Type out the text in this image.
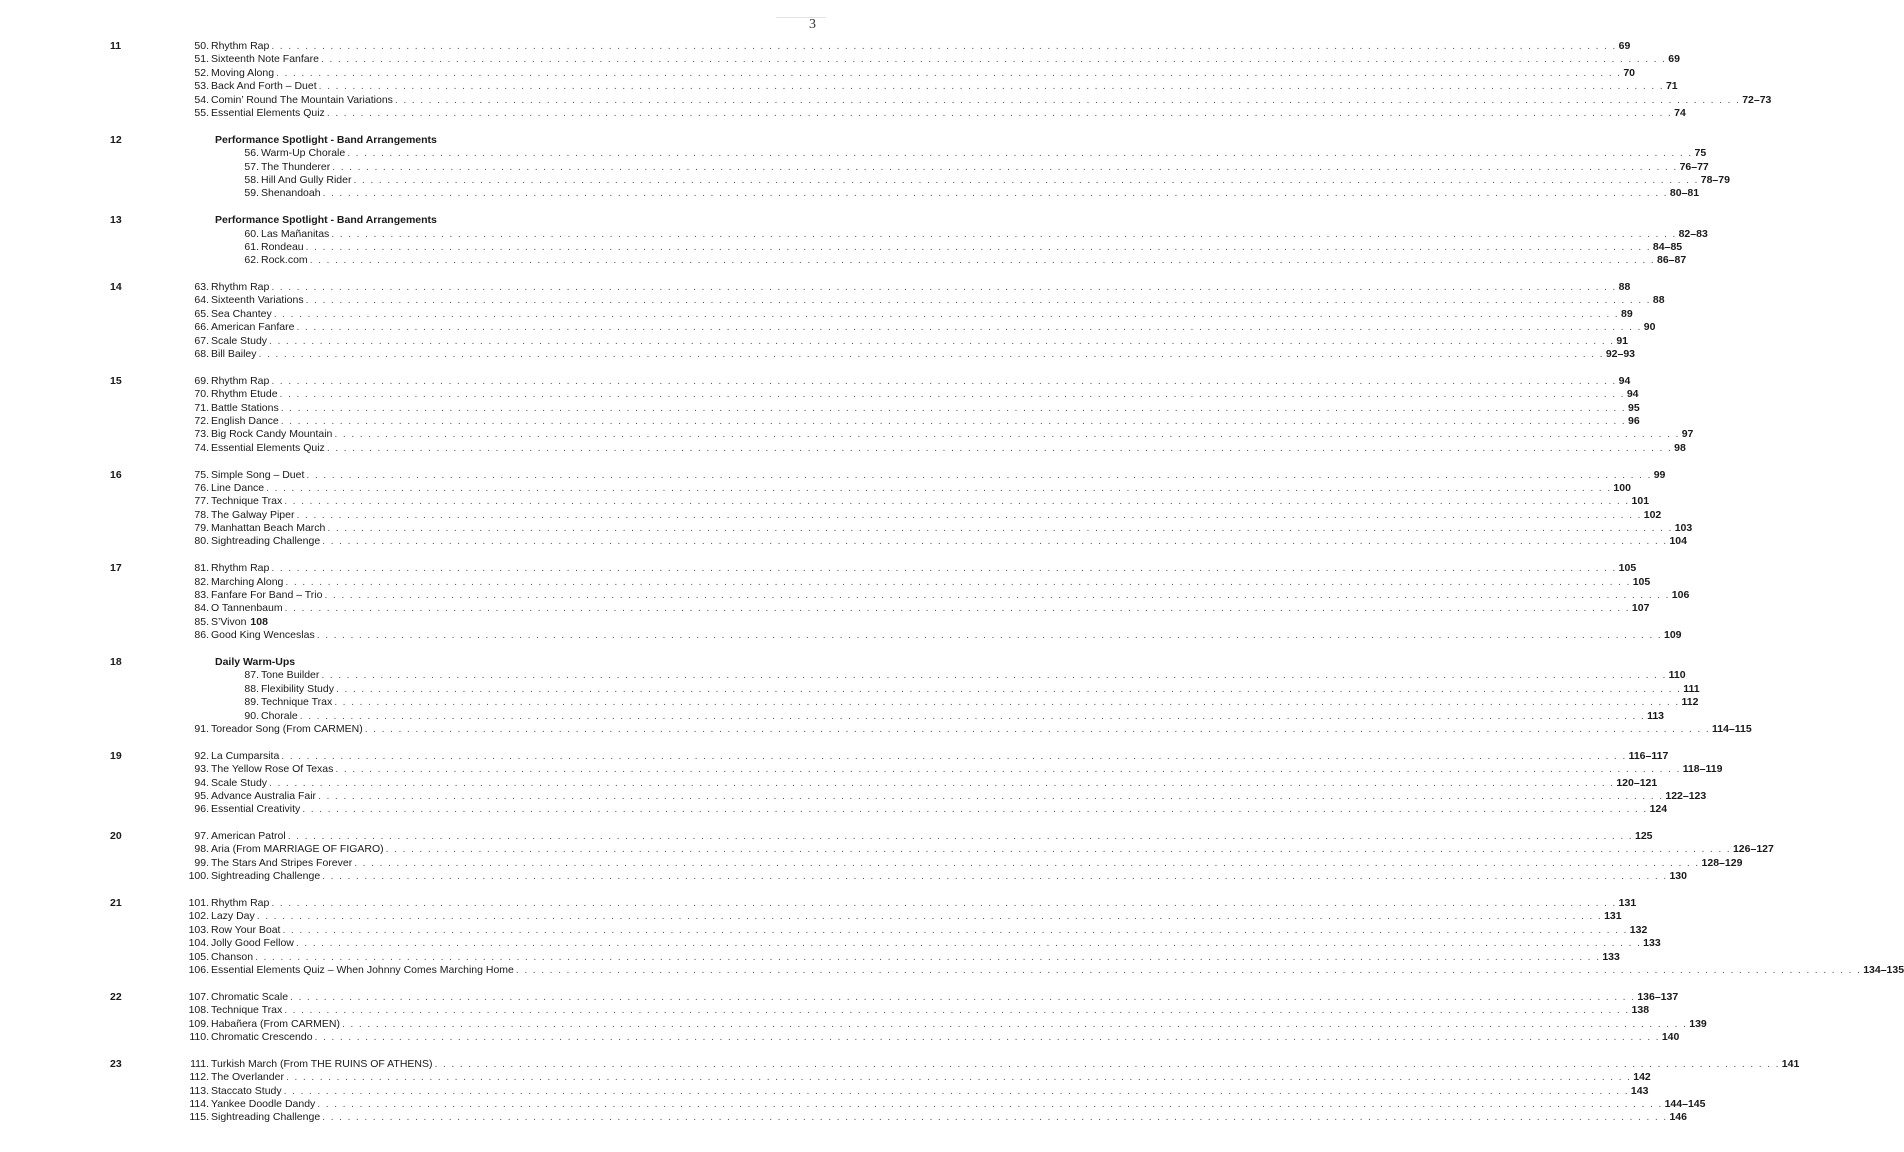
3
11	50. Rhythm Rap . . . . . . . . . . . . . . . . . . . . . . . . . . . . . . . . . . . . . . . . . . . . . . . . . . . . . . . . . . . . . . . . . . . . . . . . . . . . . . . . . . . . . . . . . . . . . . . . . . . . . . . . . . . . . . . . . . . . . . . . . . . . . . . . . . . . . . . . . . . . . . . . . . . . . . . . . . . . . . . . 69
51. Sixteenth Note Fanfare . . . . . . . . . . . . . . . . . . . . . . . . . . . . . . . . . . . . . . . . . . . . . . . . . . . . . . . . . . . . . . . . . . . . . . . . . . . . . . . . . . . . . . . . . . . . . . . . . . . . . . . . . . . . . . . . . . . . . . . . . . . . . . . . . . . . . . . . . . . . . . . . . . . . . . . . . . . . . . . . 69
52. Moving Along . . . . . . . . . . . . . . . . . . . . . . . . . . . . . . . . . . . . . . . . . . . . . . . . . . . . . . . . . . . . . . . . . . . . . . . . . . . . . . . . . . . . . . . . . . . . . . . . . . . . . . . . . . . . . . . . . . . . . . . . . . . . . . . . . . . . . . . . . . . . . . . . . . . . . . . . . . . . . . . . 70
53. Back And Forth – Duet . . . . . . . . . . . . . . . . . . . . . . . . . . . . . . . . . . . . . . . . . . . . . . . . . . . . . . . . . . . . . . . . . . . . . . . . . . . . . . . . . . . . . . . . . . . . . . . . . . . . . . . . . . . . . . . . . . . . . . . . . . . . . . . . . . . . . . . . . . . . . . . . . . . . . . . . . . . . . . . . 71
54. Comin’ Round The Mountain Variations . . . . . . . . . . . . . . . . . . . . . . . . . . . . . . . . . . . . . . . . . . . . . . . . . . . . . . . . . . . . . . . . . . . . . . . . . . . . . . . . . . . . . . . . . . . . . . . . . . . . . . . . . . . . . . . . . . . . . . . . . . . . . . . . . . . . . . . . . . . . . . . . . . . . . . . . . . . . . . . . 72–73
55. Essential Elements Quiz . . . . . . . . . . . . . . . . . . . . . . . . . . . . . . . . . . . . . . . . . . . . . . . . . . . . . . . . . . . . . . . . . . . . . . . . . . . . . . . . . . . . . . . . . . . . . . . . . . . . . . . . . . . . . . . . . . . . . . . . . . . . . . . . . . . . . . . . . . . . . . . . . . . . . . . . . . . . . . . . 74
12	Performance Spotlight - Band Arrangements
56. Warm-Up Chorale . . . . . . . . . . . . . . . . . . . . . . . . . . . . . . . . . . . . . . . . . . . . . . . . . . . . . . . . . . . . . . . . . . . . . . . . . . . . . . . . . . . . . . . . . . . . . . . . . . . . . . . . . . . . . . . . . . . . . . . . . . . . . . . . . . . . . . . . . . . . . . . . . . . . . . . . . . . . . . . . 75
57. The Thunderer . . . . . . . . . . . . . . . . . . . . . . . . . . . . . . . . . . . . . . . . . . . . . . . . . . . . . . . . . . . . . . . . . . . . . . . . . . . . . . . . . . . . . . . . . . . . . . . . . . . . . . . . . . . . . . . . . . . . . . . . . . . . . . . . . . . . . . . . . . . . . . . . . . . . . . . . . . . . . . . . 76–77
58. Hill And Gully Rider . . . . . . . . . . . . . . . . . . . . . . . . . . . . . . . . . . . . . . . . . . . . . . . . . . . . . . . . . . . . . . . . . . . . . . . . . . . . . . . . . . . . . . . . . . . . . . . . . . . . . . . . . . . . . . . . . . . . . . . . . . . . . . . . . . . . . . . . . . . . . . . . . . . . . . . . . . . . . . . . 78–79
59. Shenandoah . . . . . . . . . . . . . . . . . . . . . . . . . . . . . . . . . . . . . . . . . . . . . . . . . . . . . . . . . . . . . . . . . . . . . . . . . . . . . . . . . . . . . . . . . . . . . . . . . . . . . . . . . . . . . . . . . . . . . . . . . . . . . . . . . . . . . . . . . . . . . . . . . . . . . . . . . . . . . . . . 80–81
13	Performance Spotlight - Band Arrangements
60. Las Mañanitas . . . . . . . . . . . . . . . . . . . . . . . . . . . . . . . . . . . . . . . . . . . . . . . . . . . . . . . . . . . . . . . . . . . . . . . . . . . . . . . . . . . . . . . . . . . . . . . . . . . . . . . . . . . . . . . . . . . . . . . . . . . . . . . . . . . . . . . . . . . . . . . . . . . . . . . . . . . . . . . . 82–83
61. Rondeau . . . . . . . . . . . . . . . . . . . . . . . . . . . . . . . . . . . . . . . . . . . . . . . . . . . . . . . . . . . . . . . . . . . . . . . . . . . . . . . . . . . . . . . . . . . . . . . . . . . . . . . . . . . . . . . . . . . . . . . . . . . . . . . . . . . . . . . . . . . . . . . . . . . . . . . . . . . . . . . . 84–85
62. Rock.com . . . . . . . . . . . . . . . . . . . . . . . . . . . . . . . . . . . . . . . . . . . . . . . . . . . . . . . . . . . . . . . . . . . . . . . . . . . . . . . . . . . . . . . . . . . . . . . . . . . . . . . . . . . . . . . . . . . . . . . . . . . . . . . . . . . . . . . . . . . . . . . . . . . . . . . . . . . . . . . . 86–87
14	63. Rhythm Rap . . . . . . . . . . . . . . . . . . . . . . . . . . . . . . . . . . . . . . . . . . . . . . . . . . . . . . . . . . . . . . . . . . . . . . . . . . . . . . . . . . . . . . . . . . . . . . . . . . . . . . . . . . . . . . . . . . . . . . . . . . . . . . . . . . . . . . . . . . . . . . . . . . . . . . . . . . . . . . . . 88
64. Sixteenth Variations . . . . . . . . . . . . . . . . . . . . . . . . . . . . . . . . . . . . . . . . . . . . . . . . . . . . . . . . . . . . . . . . . . . . . . . . . . . . . . . . . . . . . . . . . . . . . . . . . . . . . . . . . . . . . . . . . . . . . . . . . . . . . . . . . . . . . . . . . . . . . . . . . . . . . . . . . . . . . . . . 88
65. Sea Chantey . . . . . . . . . . . . . . . . . . . . . . . . . . . . . . . . . . . . . . . . . . . . . . . . . . . . . . . . . . . . . . . . . . . . . . . . . . . . . . . . . . . . . . . . . . . . . . . . . . . . . . . . . . . . . . . . . . . . . . . . . . . . . . . . . . . . . . . . . . . . . . . . . . . . . . . . . . . . . . . . 89
66. American Fanfare . . . . . . . . . . . . . . . . . . . . . . . . . . . . . . . . . . . . . . . . . . . . . . . . . . . . . . . . . . . . . . . . . . . . . . . . . . . . . . . . . . . . . . . . . . . . . . . . . . . . . . . . . . . . . . . . . . . . . . . . . . . . . . . . . . . . . . . . . . . . . . . . . . . . . . . . . . . . . . . . 90
67. Scale Study . . . . . . . . . . . . . . . . . . . . . . . . . . . . . . . . . . . . . . . . . . . . . . . . . . . . . . . . . . . . . . . . . . . . . . . . . . . . . . . . . . . . . . . . . . . . . . . . . . . . . . . . . . . . . . . . . . . . . . . . . . . . . . . . . . . . . . . . . . . . . . . . . . . . . . . . . . . . . . . . 91
68. Bill Bailey . . . . . . . . . . . . . . . . . . . . . . . . . . . . . . . . . . . . . . . . . . . . . . . . . . . . . . . . . . . . . . . . . . . . . . . . . . . . . . . . . . . . . . . . . . . . . . . . . . . . . . . . . . . . . . . . . . . . . . . . . . . . . . . . . . . . . . . . . . . . . . . . . . . . . . . . . . . . . . . . 92–93
15	69. Rhythm Rap . . . . . . . . . . . . . . . . . . . . . . . . . . . . . . . . . . . . . . . . . . . . . . . . . . . . . . . . . . . . . . . . . . . . . . . . . . . . . . . . . . . . . . . . . . . . . . . . . . . . . . . . . . . . . . . . . . . . . . . . . . . . . . . . . . . . . . . . . . . . . . . . . . . . . . . . . . . . . . . . 94
70. Rhythm Etude . . . . . . . . . . . . . . . . . . . . . . . . . . . . . . . . . . . . . . . . . . . . . . . . . . . . . . . . . . . . . . . . . . . . . . . . . . . . . . . . . . . . . . . . . . . . . . . . . . . . . . . . . . . . . . . . . . . . . . . . . . . . . . . . . . . . . . . . . . . . . . . . . . . . . . . . . . . . . . . . 94
71. Battle Stations . . . . . . . . . . . . . . . . . . . . . . . . . . . . . . . . . . . . . . . . . . . . . . . . . . . . . . . . . . . . . . . . . . . . . . . . . . . . . . . . . . . . . . . . . . . . . . . . . . . . . . . . . . . . . . . . . . . . . . . . . . . . . . . . . . . . . . . . . . . . . . . . . . . . . . . . . . . . . . . . 95
72. English Dance . . . . . . . . . . . . . . . . . . . . . . . . . . . . . . . . . . . . . . . . . . . . . . . . . . . . . . . . . . . . . . . . . . . . . . . . . . . . . . . . . . . . . . . . . . . . . . . . . . . . . . . . . . . . . . . . . . . . . . . . . . . . . . . . . . . . . . . . . . . . . . . . . . . . . . . . . . . . . . . . 96
73. Big Rock Candy Mountain . . . . . . . . . . . . . . . . . . . . . . . . . . . . . . . . . . . . . . . . . . . . . . . . . . . . . . . . . . . . . . . . . . . . . . . . . . . . . . . . . . . . . . . . . . . . . . . . . . . . . . . . . . . . . . . . . . . . . . . . . . . . . . . . . . . . . . . . . . . . . . . . . . . . . . . . . . . . . . . . 97
74. Essential Elements Quiz . . . . . . . . . . . . . . . . . . . . . . . . . . . . . . . . . . . . . . . . . . . . . . . . . . . . . . . . . . . . . . . . . . . . . . . . . . . . . . . . . . . . . . . . . . . . . . . . . . . . . . . . . . . . . . . . . . . . . . . . . . . . . . . . . . . . . . . . . . . . . . . . . . . . . . . . . . . . . . . . 98
16	75. Simple Song – Duet . . . . . . . . . . . . . . . . . . . . . . . . . . . . . . . . . . . . . . . . . . . . . . . . . . . . . . . . . . . . . . . . . . . . . . . . . . . . . . . . . . . . . . . . . . . . . . . . . . . . . . . . . . . . . . . . . . . . . . . . . . . . . . . . . . . . . . . . . . . . . . . . . . . . . . . . . . . . . . . . 99
76. Line Dance . . . . . . . . . . . . . . . . . . . . . . . . . . . . . . . . . . . . . . . . . . . . . . . . . . . . . . . . . . . . . . . . . . . . . . . . . . . . . . . . . . . . . . . . . . . . . . . . . . . . . . . . . . . . . . . . . . . . . . . . . . . . . . . . . . . . . . . . . . . . . . . . . . . . . . . . . . . . . . . . 100
77. Technique Trax . . . . . . . . . . . . . . . . . . . . . . . . . . . . . . . . . . . . . . . . . . . . . . . . . . . . . . . . . . . . . . . . . . . . . . . . . . . . . . . . . . . . . . . . . . . . . . . . . . . . . . . . . . . . . . . . . . . . . . . . . . . . . . . . . . . . . . . . . . . . . . . . . . . . . . . . . . . . . . . . 101
78. The Galway Piper . . . . . . . . . . . . . . . . . . . . . . . . . . . . . . . . . . . . . . . . . . . . . . . . . . . . . . . . . . . . . . . . . . . . . . . . . . . . . . . . . . . . . . . . . . . . . . . . . . . . . . . . . . . . . . . . . . . . . . . . . . . . . . . . . . . . . . . . . . . . . . . . . . . . . . . . . . . . . . . . 102
79. Manhattan Beach March . . . . . . . . . . . . . . . . . . . . . . . . . . . . . . . . . . . . . . . . . . . . . . . . . . . . . . . . . . . . . . . . . . . . . . . . . . . . . . . . . . . . . . . . . . . . . . . . . . . . . . . . . . . . . . . . . . . . . . . . . . . . . . . . . . . . . . . . . . . . . . . . . . . . . . . . . . . . . . . . 103
80. Sightreading Challenge . . . . . . . . . . . . . . . . . . . . . . . . . . . . . . . . . . . . . . . . . . . . . . . . . . . . . . . . . . . . . . . . . . . . . . . . . . . . . . . . . . . . . . . . . . . . . . . . . . . . . . . . . . . . . . . . . . . . . . . . . . . . . . . . . . . . . . . . . . . . . . . . . . . . . . . . . . . . . . . . 104
17	81. Rhythm Rap . . . . . . . . . . . . . . . . . . . . . . . . . . . . . . . . . . . . . . . . . . . . . . . . . . . . . . . . . . . . . . . . . . . . . . . . . . . . . . . . . . . . . . . . . . . . . . . . . . . . . . . . . . . . . . . . . . . . . . . . . . . . . . . . . . . . . . . . . . . . . . . . . . . . . . . . . . . . . . . . 105
82. Marching Along . . . . . . . . . . . . . . . . . . . . . . . . . . . . . . . . . . . . . . . . . . . . . . . . . . . . . . . . . . . . . . . . . . . . . . . . . . . . . . . . . . . . . . . . . . . . . . . . . . . . . . . . . . . . . . . . . . . . . . . . . . . . . . . . . . . . . . . . . . . . . . . . . . . . . . . . . . . . . . . . 105
83. Fanfare For Band – Trio . . . . . . . . . . . . . . . . . . . . . . . . . . . . . . . . . . . . . . . . . . . . . . . . . . . . . . . . . . . . . . . . . . . . . . . . . . . . . . . . . . . . . . . . . . . . . . . . . . . . . . . . . . . . . . . . . . . . . . . . . . . . . . . . . . . . . . . . . . . . . . . . . . . . . . . . . . . . . . . . 106
84. O Tannenbaum . . . . . . . . . . . . . . . . . . . . . . . . . . . . . . . . . . . . . . . . . . . . . . . . . . . . . . . . . . . . . . . . . . . . . . . . . . . . . . . . . . . . . . . . . . . . . . . . . . . . . . . . . . . . . . . . . . . . . . . . . . . . . . . . . . . . . . . . . . . . . . . . . . . . . . . . . . . . . . . . 107
85. S’Vivon 108
86. Good King Wenceslas . . . . . . . . . . . . . . . . . . . . . . . . . . . . . . . . . . . . . . . . . . . . . . . . . . . . . . . . . . . . . . . . . . . . . . . . . . . . . . . . . . . . . . . . . . . . . . . . . . . . . . . . . . . . . . . . . . . . . . . . . . . . . . . . . . . . . . . . . . . . . . . . . . . . . . . . . . . . . . . . 109
18	Daily Warm-Ups
87. Tone Builder . . . . . . . . . . . . . . . . . . . . . . . . . . . . . . . . . . . . . . . . . . . . . . . . . . . . . . . . . . . . . . . . . . . . . . . . . . . . . . . . . . . . . . . . . . . . . . . . . . . . . . . . . . . . . . . . . . . . . . . . . . . . . . . . . . . . . . . . . . . . . . . . . . . . . . . . . . . . . . . . 110
88. Flexibility Study . . . . . . . . . . . . . . . . . . . . . . . . . . . . . . . . . . . . . . . . . . . . . . . . . . . . . . . . . . . . . . . . . . . . . . . . . . . . . . . . . . . . . . . . . . . . . . . . . . . . . . . . . . . . . . . . . . . . . . . . . . . . . . . . . . . . . . . . . . . . . . . . . . . . . . . . . . . . . . . . 111
89. Technique Trax . . . . . . . . . . . . . . . . . . . . . . . . . . . . . . . . . . . . . . . . . . . . . . . . . . . . . . . . . . . . . . . . . . . . . . . . . . . . . . . . . . . . . . . . . . . . . . . . . . . . . . . . . . . . . . . . . . . . . . . . . . . . . . . . . . . . . . . . . . . . . . . . . . . . . . . . . . . . . . . . 112
90. Chorale . . . . . . . . . . . . . . . . . . . . . . . . . . . . . . . . . . . . . . . . . . . . . . . . . . . . . . . . . . . . . . . . . . . . . . . . . . . . . . . . . . . . . . . . . . . . . . . . . . . . . . . . . . . . . . . . . . . . . . . . . . . . . . . . . . . . . . . . . . . . . . . . . . . . . . . . . . . . . . . . 113
91. Toreador Song (From CARMEN) . . . . . . . . . . . . . . . . . . . . . . . . . . . . . . . . . . . . . . . . . . . . . . . . . . . . . . . . . . . . . . . . . . . . . . . . . . . . . . . . . . . . . . . . . . . . . . . . . . . . . . . . . . . . . . . . . . . . . . . . . . . . . . . . . . . . . . . . . . . . . . . . . . . . . . . . . . . . . . . . 114–115
19	92. La Cumparsita . . . . . . . . . . . . . . . . . . . . . . . . . . . . . . . . . . . . . . . . . . . . . . . . . . . . . . . . . . . . . . . . . . . . . . . . . . . . . . . . . . . . . . . . . . . . . . . . . . . . . . . . . . . . . . . . . . . . . . . . . . . . . . . . . . . . . . . . . . . . . . . . . . . . . . . . . . . . . . . . 116–117
93. The Yellow Rose Of Texas . . . . . . . . . . . . . . . . . . . . . . . . . . . . . . . . . . . . . . . . . . . . . . . . . . . . . . . . . . . . . . . . . . . . . . . . . . . . . . . . . . . . . . . . . . . . . . . . . . . . . . . . . . . . . . . . . . . . . . . . . . . . . . . . . . . . . . . . . . . . . . . . . . . . . . . . . . . . . . . . 118–119
94. Scale Study . . . . . . . . . . . . . . . . . . . . . . . . . . . . . . . . . . . . . . . . . . . . . . . . . . . . . . . . . . . . . . . . . . . . . . . . . . . . . . . . . . . . . . . . . . . . . . . . . . . . . . . . . . . . . . . . . . . . . . . . . . . . . . . . . . . . . . . . . . . . . . . . . . . . . . . . . . . . . . . . 120–121
95. Advance Australia Fair . . . . . . . . . . . . . . . . . . . . . . . . . . . . . . . . . . . . . . . . . . . . . . . . . . . . . . . . . . . . . . . . . . . . . . . . . . . . . . . . . . . . . . . . . . . . . . . . . . . . . . . . . . . . . . . . . . . . . . . . . . . . . . . . . . . . . . . . . . . . . . . . . . . . . . . . . . . . . . . . 122–123
96. Essential Creativity . . . . . . . . . . . . . . . . . . . . . . . . . . . . . . . . . . . . . . . . . . . . . . . . . . . . . . . . . . . . . . . . . . . . . . . . . . . . . . . . . . . . . . . . . . . . . . . . . . . . . . . . . . . . . . . . . . . . . . . . . . . . . . . . . . . . . . . . . . . . . . . . . . . . . . . . . . . . . . . . 124
20	97. American Patrol . . . . . . . . . . . . . . . . . . . . . . . . . . . . . . . . . . . . . . . . . . . . . . . . . . . . . . . . . . . . . . . . . . . . . . . . . . . . . . . . . . . . . . . . . . . . . . . . . . . . . . . . . . . . . . . . . . . . . . . . . . . . . . . . . . . . . . . . . . . . . . . . . . . . . . . . . . . . . . . . 125
98. Aria (From MARRIAGE OF FIGARO) . . . . . . . . . . . . . . . . . . . . . . . . . . . . . . . . . . . . . . . . . . . . . . . . . . . . . . . . . . . . . . . . . . . . . . . . . . . . . . . . . . . . . . . . . . . . . . . . . . . . . . . . . . . . . . . . . . . . . . . . . . . . . . . . . . . . . . . . . . . . . . . . . . . . . . . . . . . . . . . . 126–127
99. The Stars And Stripes Forever . . . . . . . . . . . . . . . . . . . . . . . . . . . . . . . . . . . . . . . . . . . . . . . . . . . . . . . . . . . . . . . . . . . . . . . . . . . . . . . . . . . . . . . . . . . . . . . . . . . . . . . . . . . . . . . . . . . . . . . . . . . . . . . . . . . . . . . . . . . . . . . . . . . . . . . . . . . . . . . . 128–129
100. Sightreading Challenge . . . . . . . . . . . . . . . . . . . . . . . . . . . . . . . . . . . . . . . . . . . . . . . . . . . . . . . . . . . . . . . . . . . . . . . . . . . . . . . . . . . . . . . . . . . . . . . . . . . . . . . . . . . . . . . . . . . . . . . . . . . . . . . . . . . . . . . . . . . . . . . . . . . . . . . . . . . . . . . . 130
21	101. Rhythm Rap . . . . . . . . . . . . . . . . . . . . . . . . . . . . . . . . . . . . . . . . . . . . . . . . . . . . . . . . . . . . . . . . . . . . . . . . . . . . . . . . . . . . . . . . . . . . . . . . . . . . . . . . . . . . . . . . . . . . . . . . . . . . . . . . . . . . . . . . . . . . . . . . . . . . . . . . . . . . . . . . 131
102. Lazy Day . . . . . . . . . . . . . . . . . . . . . . . . . . . . . . . . . . . . . . . . . . . . . . . . . . . . . . . . . . . . . . . . . . . . . . . . . . . . . . . . . . . . . . . . . . . . . . . . . . . . . . . . . . . . . . . . . . . . . . . . . . . . . . . . . . . . . . . . . . . . . . . . . . . . . . . . . . . . . . . . 131
103. Row Your Boat . . . . . . . . . . . . . . . . . . . . . . . . . . . . . . . . . . . . . . . . . . . . . . . . . . . . . . . . . . . . . . . . . . . . . . . . . . . . . . . . . . . . . . . . . . . . . . . . . . . . . . . . . . . . . . . . . . . . . . . . . . . . . . . . . . . . . . . . . . . . . . . . . . . . . . . . . . . . . . . . 132
104. Jolly Good Fellow . . . . . . . . . . . . . . . . . . . . . . . . . . . . . . . . . . . . . . . . . . . . . . . . . . . . . . . . . . . . . . . . . . . . . . . . . . . . . . . . . . . . . . . . . . . . . . . . . . . . . . . . . . . . . . . . . . . . . . . . . . . . . . . . . . . . . . . . . . . . . . . . . . . . . . . . . . . . . . . . 133
105. Chanson . . . . . . . . . . . . . . . . . . . . . . . . . . . . . . . . . . . . . . . . . . . . . . . . . . . . . . . . . . . . . . . . . . . . . . . . . . . . . . . . . . . . . . . . . . . . . . . . . . . . . . . . . . . . . . . . . . . . . . . . . . . . . . . . . . . . . . . . . . . . . . . . . . . . . . . . . . . . . . . . 133
106. Essential Elements Quiz – When Johnny Comes Marching Home . . . . . . . . . . . . . . . . . . . . . . . . . . . . . . . . . . . . . . . . . . . . . . . . . . . . . . . . . . . . . . . . . . . . . . . . . . . . . . . . . . . . . . . . . . . . . . . . . . . . . . . . . . . . . . . . . . . . . . . . . . . . . . . . . . . . . . . . . . . . . . . . . . . . . . . . . . . . . . . . 134–135
22	107. Chromatic Scale . . . . . . . . . . . . . . . . . . . . . . . . . . . . . . . . . . . . . . . . . . . . . . . . . . . . . . . . . . . . . . . . . . . . . . . . . . . . . . . . . . . . . . . . . . . . . . . . . . . . . . . . . . . . . . . . . . . . . . . . . . . . . . . . . . . . . . . . . . . . . . . . . . . . . . . . . . . . . . . . 136–137
108. Technique Trax . . . . . . . . . . . . . . . . . . . . . . . . . . . . . . . . . . . . . . . . . . . . . . . . . . . . . . . . . . . . . . . . . . . . . . . . . . . . . . . . . . . . . . . . . . . . . . . . . . . . . . . . . . . . . . . . . . . . . . . . . . . . . . . . . . . . . . . . . . . . . . . . . . . . . . . . . . . . . . . . 138
109. Habañera (From CARMEN) . . . . . . . . . . . . . . . . . . . . . . . . . . . . . . . . . . . . . . . . . . . . . . . . . . . . . . . . . . . . . . . . . . . . . . . . . . . . . . . . . . . . . . . . . . . . . . . . . . . . . . . . . . . . . . . . . . . . . . . . . . . . . . . . . . . . . . . . . . . . . . . . . . . . . . . . . . . . . . . . 139
110. Chromatic Crescendo . . . . . . . . . . . . . . . . . . . . . . . . . . . . . . . . . . . . . . . . . . . . . . . . . . . . . . . . . . . . . . . . . . . . . . . . . . . . . . . . . . . . . . . . . . . . . . . . . . . . . . . . . . . . . . . . . . . . . . . . . . . . . . . . . . . . . . . . . . . . . . . . . . . . . . . . . . . . . . . . 140
23	111. Turkish March (From THE RUINS OF ATHENS) . . . . . . . . . . . . . . . . . . . . . . . . . . . . . . . . . . . . . . . . . . . . . . . . . . . . . . . . . . . . . . . . . . . . . . . . . . . . . . . . . . . . . . . . . . . . . . . . . . . . . . . . . . . . . . . . . . . . . . . . . . . . . . . . . . . . . . . . . . . . . . . . . . . . . . . . . . . . . . . . 141
112. The Overlander . . . . . . . . . . . . . . . . . . . . . . . . . . . . . . . . . . . . . . . . . . . . . . . . . . . . . . . . . . . . . . . . . . . . . . . . . . . . . . . . . . . . . . . . . . . . . . . . . . . . . . . . . . . . . . . . . . . . . . . . . . . . . . . . . . . . . . . . . . . . . . . . . . . . . . . . . . . . . . . . 142
113. Staccato Study . . . . . . . . . . . . . . . . . . . . . . . . . . . . . . . . . . . . . . . . . . . . . . . . . . . . . . . . . . . . . . . . . . . . . . . . . . . . . . . . . . . . . . . . . . . . . . . . . . . . . . . . . . . . . . . . . . . . . . . . . . . . . . . . . . . . . . . . . . . . . . . . . . . . . . . . . . . . . . . . 143
114. Yankee Doodle Dandy . . . . . . . . . . . . . . . . . . . . . . . . . . . . . . . . . . . . . . . . . . . . . . . . . . . . . . . . . . . . . . . . . . . . . . . . . . . . . . . . . . . . . . . . . . . . . . . . . . . . . . . . . . . . . . . . . . . . . . . . . . . . . . . . . . . . . . . . . . . . . . . . . . . . . . . . . . . . . . . . 144–145
115. Sightreading Challenge . . . . . . . . . . . . . . . . . . . . . . . . . . . . . . . . . . . . . . . . . . . . . . . . . . . . . . . . . . . . . . . . . . . . . . . . . . . . . . . . . . . . . . . . . . . . . . . . . . . . . . . . . . . . . . . . . . . . . . . . . . . . . . . . . . . . . . . . . . . . . . . . . . . . . . . . . . . . . . . . 146
